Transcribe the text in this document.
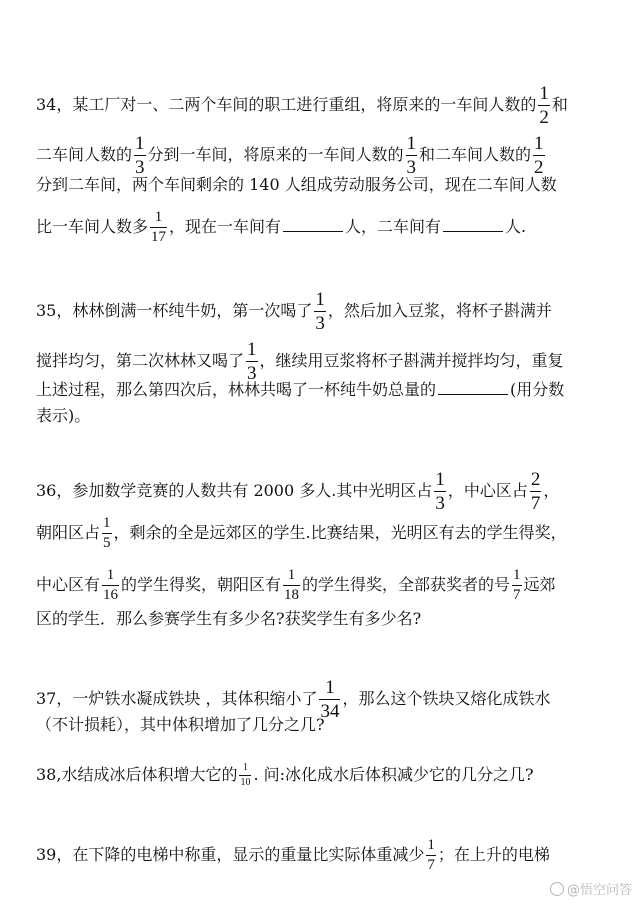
34，某工厂对一、二两个车间的职工进行重组，将原来的一车间人数的 $\frac{1}{2}$ 和
二车间人数的 $\frac{1}{3}$ 分到一车间，将原来的一车间人数的 $\frac{1}{3}$ 和二车间人数的 $\frac{1}{2}$
分到二车间，两个车间剩余的 140 人组成劳动服务公司，现在二车间人数
比一车间人数多 $\frac{1}{17}$ ，现在一车间有	人，二车间有	人.
35，林林倒满一杯纯牛奶，第一次喝了 $\frac{1}{3}$ ，然后加入豆浆，将杯子斟满并
搅拌均匀，第二次林林又喝了 $\frac{1}{3}$ ，继续用豆浆将杯子斟满并搅拌均匀，重复
上述过程，那么第四次后，林林共喝了一杯纯牛奶总量的	(用分数
表示)。
36，参加数学竞赛的人数共有 2000 多人.其中光明区占 $\frac{1}{3}$ ，中心区占 $\frac{2}{7}$ ，
朝阳区占 $\frac{1}{5}$ ，剩余的全是远郊区的学生.比赛结果，光明区有去的学生得奖，
中心区有 $\frac{1}{16}$ 的学生得奖，朝阳区有 $\frac{1}{18}$ 的学生得奖，全部获奖者的号 $\frac{1}{7}$ 远郊
区的学生．那么参赛学生有多少名?获奖学生有多少名?
37，一炉铁水凝成铁块 ，其体积缩小了 $\frac{1}{34}$ ，那么这个铁块又熔化成铁水
（不计损耗），其中体积增加了几分之几?
38,水结成冰后体积增大它的 $\frac{1}{10}$ . 问:冰化成水后体积减少它的几分之几?
39，在下降的电梯中称重，显示的重量比实际体重减少 $\frac{1}{7}$ ；在上升的电梯
@悟空问答
